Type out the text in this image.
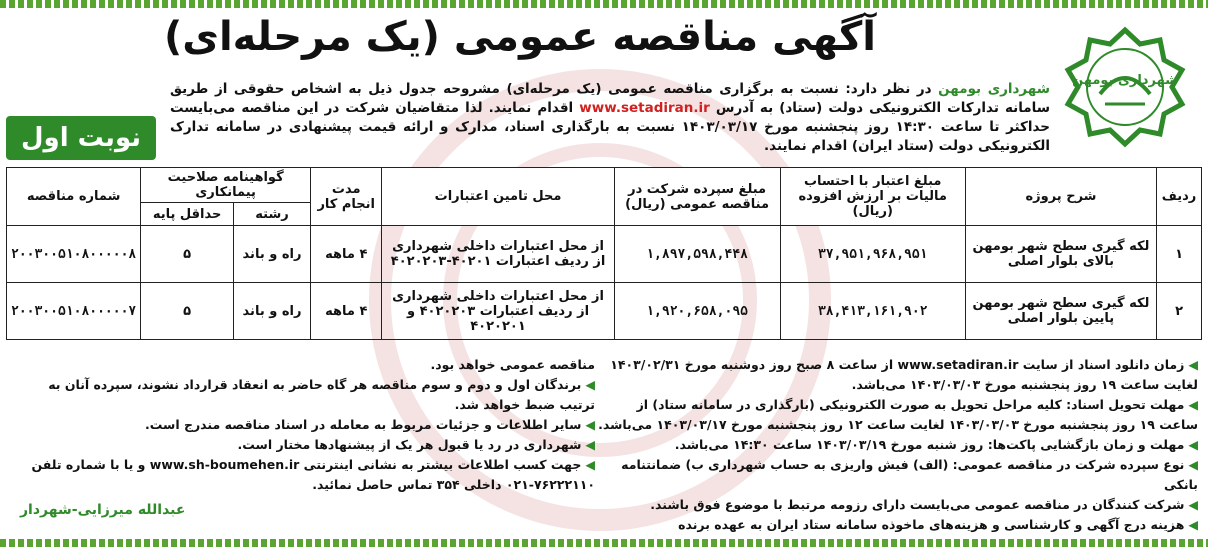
شهرداری بومهن
آگهی مناقصه عمومی (یک مرحله‌ای)
نوبت اول
شهرداری بومهن در نظر دارد: نسبت به برگزاری مناقصه عمومی (یک مرحله‌ای) مشروحه جدول ذیل به اشخاص حقوقی از طریق سامانه تدارکات الکترونیکی دولت (ستاد) به آدرس www.setadiran.ir اقدام نمایند. لذا متقاضیان شرکت در این مناقصه می‌بایست حداکثر تا ساعت ۱۴:۳۰ روز پنجشنبه مورخ ۱۴۰۳/۰۳/۱۷ نسبت به بارگذاری اسناد، مدارک و ارائه قیمت پیشنهادی در سامانه تدارک الکترونیکی دولت (ستاد ایران) اقدام نمایند.
ردیف	شرح پروژه	مبلغ اعتبار با احتساب مالیات بر ارزش افزوده (ریال)	مبلغ سپرده شرکت در مناقصه عمومی (ریال)	محل تامین اعتبارات	مدت انجام کار	گواهینامه صلاحیت پیمانکاری		شماره مناقصه
						رشته	حداقل پایه	
۱	لکه گیری سطح شهر بومهن بالای بلوار اصلی	۳۷,۹۵۱,۹۶۸,۹۵۱	۱,۸۹۷,۵۹۸,۴۴۸	از محل اعتبارات داخلی شهرداری از ردیف اعتبارات ۴۰۲۰۱-۴۰۲۰۲۰۳	۴ ماهه	راه و باند	۵	۲۰۰۳۰۰۵۱۰۸۰۰۰۰۰۸
۲	لکه گیری سطح شهر بومهن پایین بلوار اصلی	۳۸,۴۱۳,۱۶۱,۹۰۲	۱,۹۲۰,۶۵۸,۰۹۵	از محل اعتبارات داخلی شهرداری از ردیف اعتبارات ۴۰۲۰۲۰۳ و ۴۰۲۰۲۰۱	۴ ماهه	راه و باند	۵	۲۰۰۳۰۰۵۱۰۸۰۰۰۰۰۷

◀زمان دانلود اسناد از سایت www.setadiran.ir از ساعت ۸ صبح روز دوشنبه مورخ ۱۴۰۳/۰۲/۳۱ لغایت ساعت ۱۹ روز پنجشنبه مورخ ۱۴۰۳/۰۳/۰۳ می‌باشد.

◀مهلت تحویل اسناد: کلیه مراحل تحویل به صورت الکترونیکی (بارگذاری در سامانه ستاد) از ساعت ۱۹ روز پنجشنبه مورخ ۱۴۰۳/۰۳/۰۳ لغایت ساعت ۱۲ روز پنجشنبه مورخ ۱۴۰۳/۰۳/۱۷ می‌باشد.

◀مهلت و زمان بازگشایی پاکت‌ها: روز شنبه مورخ ۱۴۰۳/۰۳/۱۹ ساعت ۱۴:۳۰ می‌باشد.

◀نوع سپرده شرکت در مناقصه عمومی: (الف) فیش واریزی به حساب شهرداری ب) ضمانتنامه بانکی

◀شرکت کنندگان در مناقصه عمومی می‌بایست دارای رزومه مرتبط با موضوع فوق باشند.

◀هزینه درج آگهی و کارشناسی و هزینه‌های ماخوذه سامانه ستاد ایران به عهده برنده

مناقصه عمومی خواهد بود.

◀برندگان اول و دوم و سوم مناقصه هر گاه حاضر به انعقاد قرارداد نشوند، سپرده آنان به ترتیب ضبط خواهد شد.

◀سایر اطلاعات و جزئیات مربوط به معامله در اسناد مناقصه مندرج است.

◀شهرداری در رد یا قبول هر یک از پیشنهادها مختار است.

◀جهت کسب اطلاعات بیشتر به نشانی اینترنتی www.sh-boumehen.ir و یا با شماره تلفن ۷۶۲۲۲۱۱۰-۰۲۱ داخلی ۳۵۴ تماس حاصل نمائید.

عبدالله میرزایی-شهردار
